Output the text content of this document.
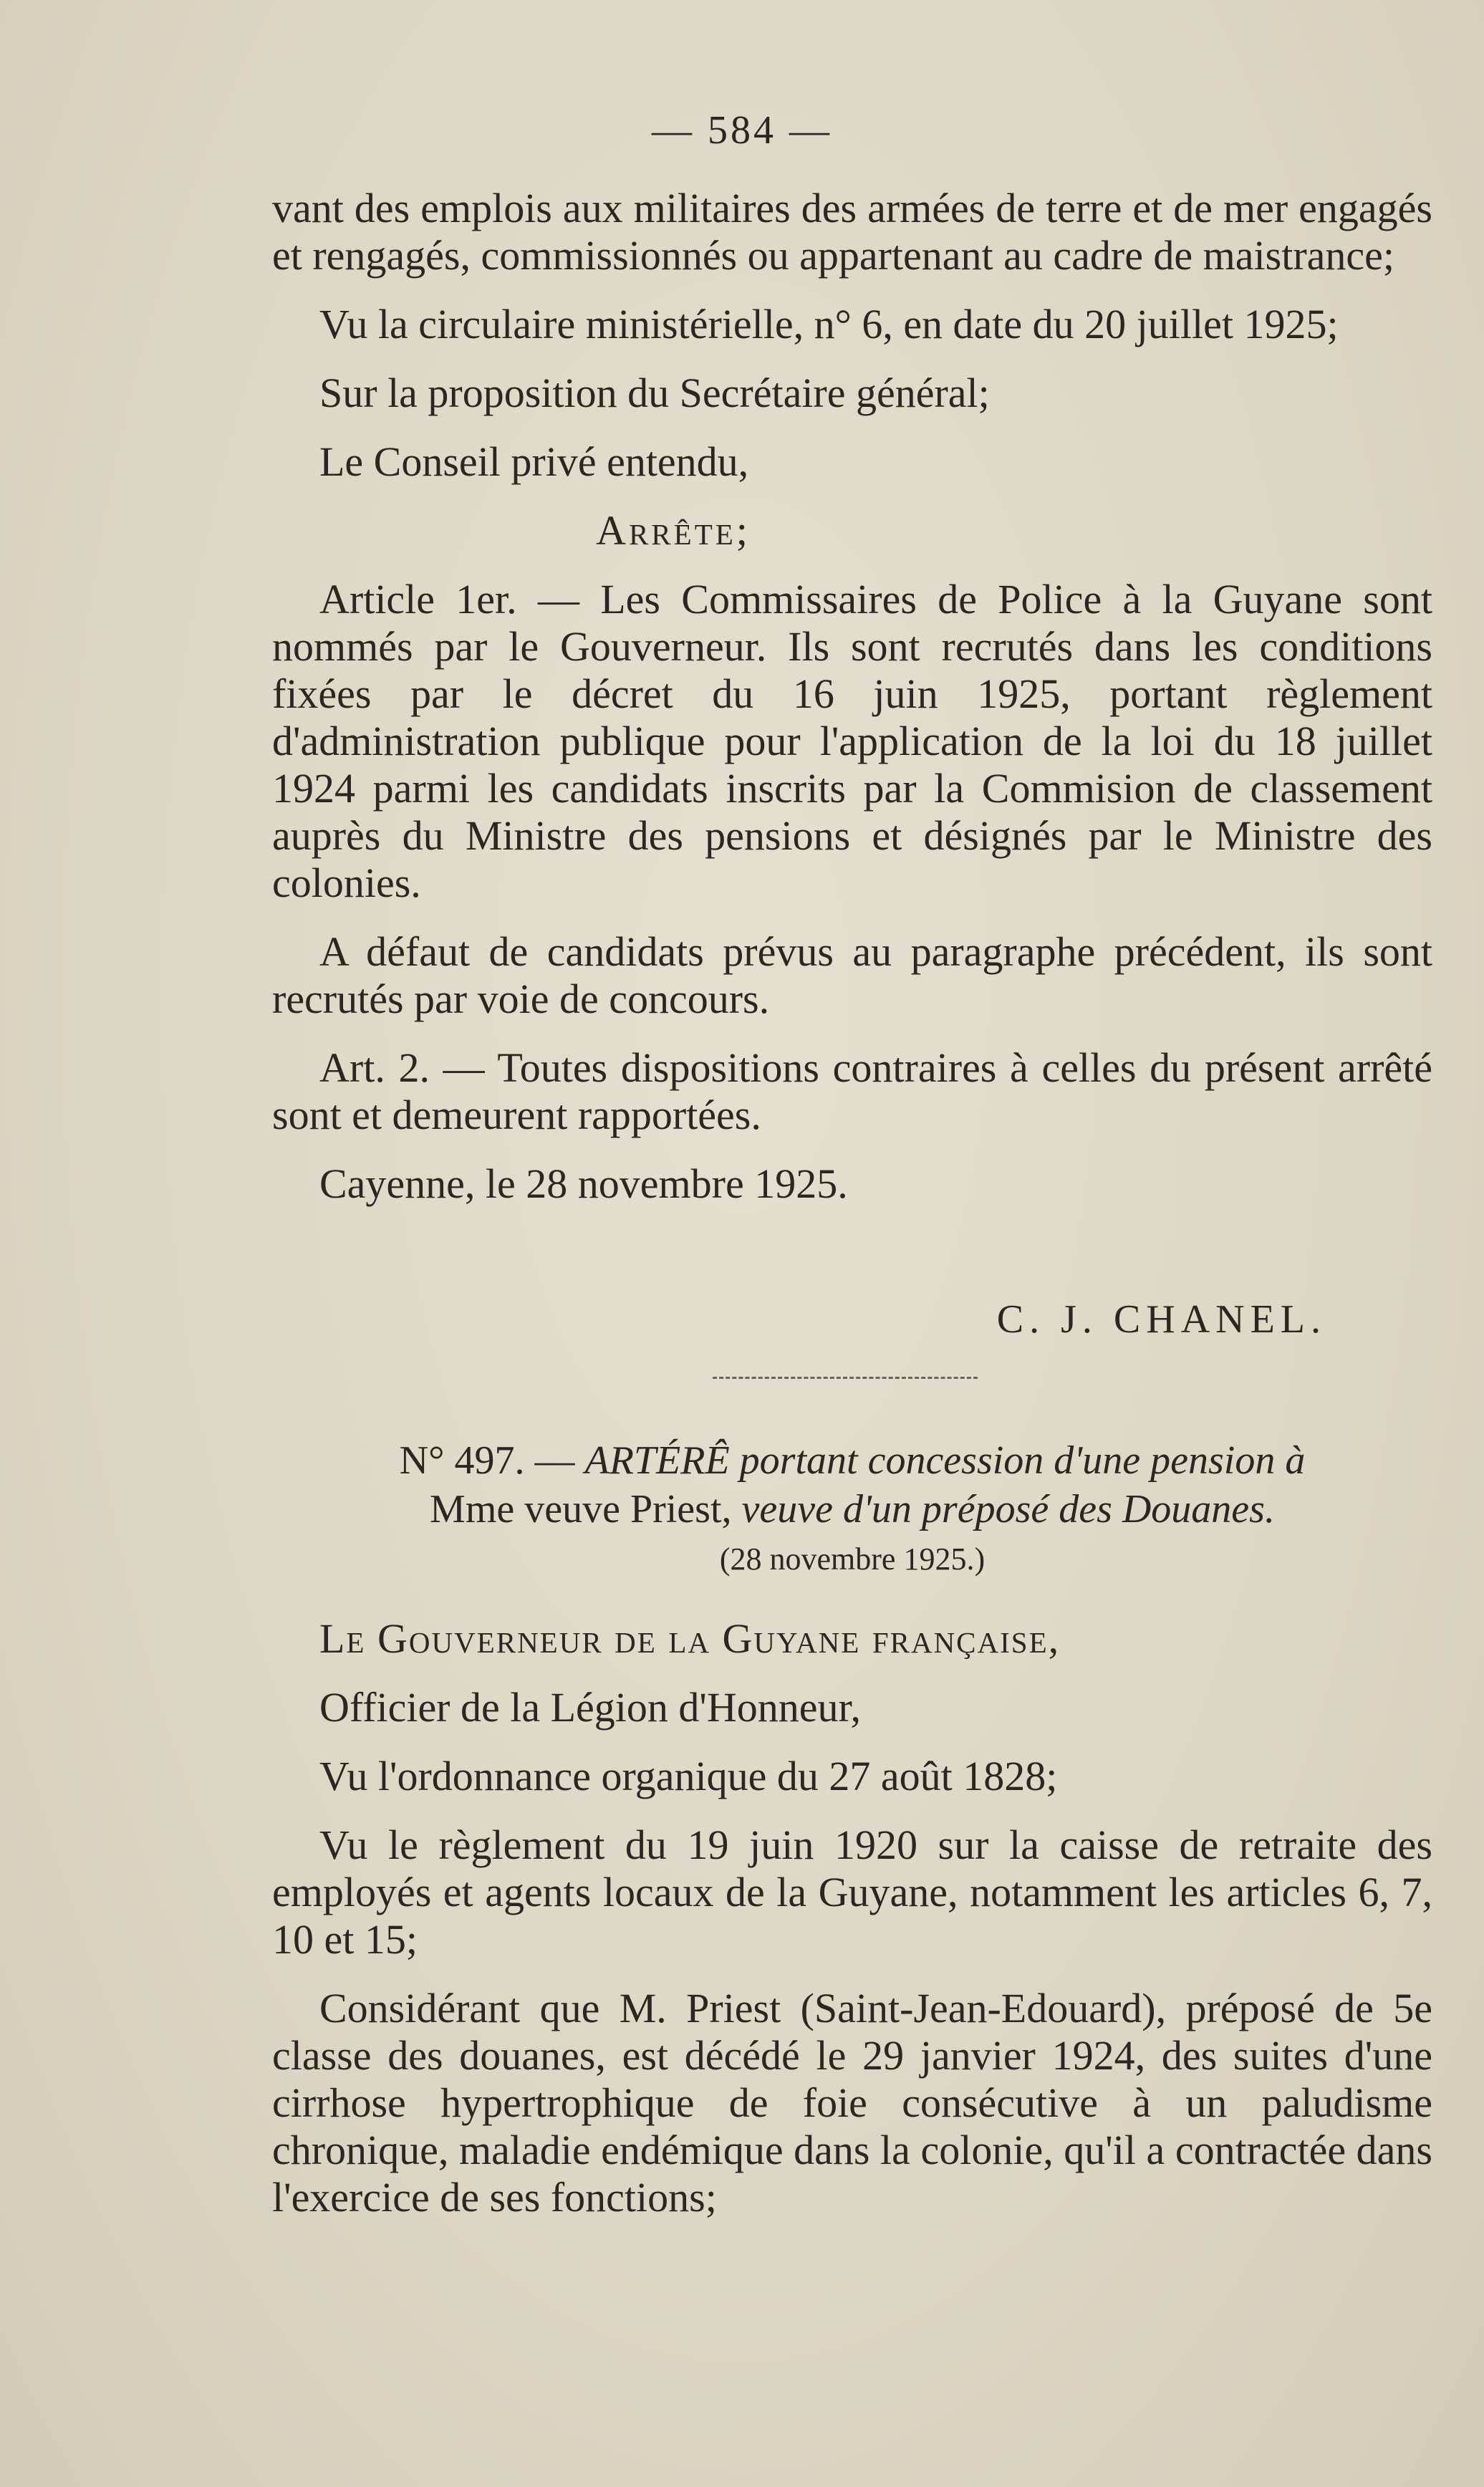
— 584 —

vant des emplois aux militaires des armées de terre et de mer engagés et rengagés, commissionnés ou appartenant au cadre de maistrance;

Vu la circulaire ministérielle, n° 6, en date du 20 juillet 1925;

Sur la proposition du Secrétaire général;

Le Conseil privé entendu,

Arrête;

Article 1er. — Les Commissaires de Police à la Guyane sont nommés par le Gouverneur. Ils sont recrutés dans les conditions fixées par le décret du 16 juin 1925, portant règlement d'administration publique pour l'application de la loi du 18 juillet 1924 parmi les candidats inscrits par la Commision de classement auprès du Ministre des pensions et désignés par le Ministre des colonies.

A défaut de candidats prévus au paragraphe précédent, ils sont recrutés par voie de concours.

Art. 2. — Toutes dispositions contraires à celles du présent arrêté sont et demeurent rapportées.

Cayenne, le 28 novembre 1925.

C. J. CHANEL.
N° 497. — ARTÉRÊ portant concession d'une pension à
Mme veuve Priest, veuve d'un préposé des Douanes.
(28 novembre 1925.)

Le Gouverneur de la Guyane française,

Officier de la Légion d'Honneur,

Vu l'ordonnance organique du 27 août 1828;

Vu le règlement du 19 juin 1920 sur la caisse de retraite des employés et agents locaux de la Guyane, notamment les articles 6, 7, 10 et 15;

Considérant que M. Priest (Saint-Jean-Edouard), préposé de 5e classe des douanes, est décédé le 29 janvier 1924, des suites d'une cirrhose hypertrophique de foie consécutive à un paludisme chronique, maladie endémique dans la colonie, qu'il a contractée dans l'exercice de ses fonctions;
